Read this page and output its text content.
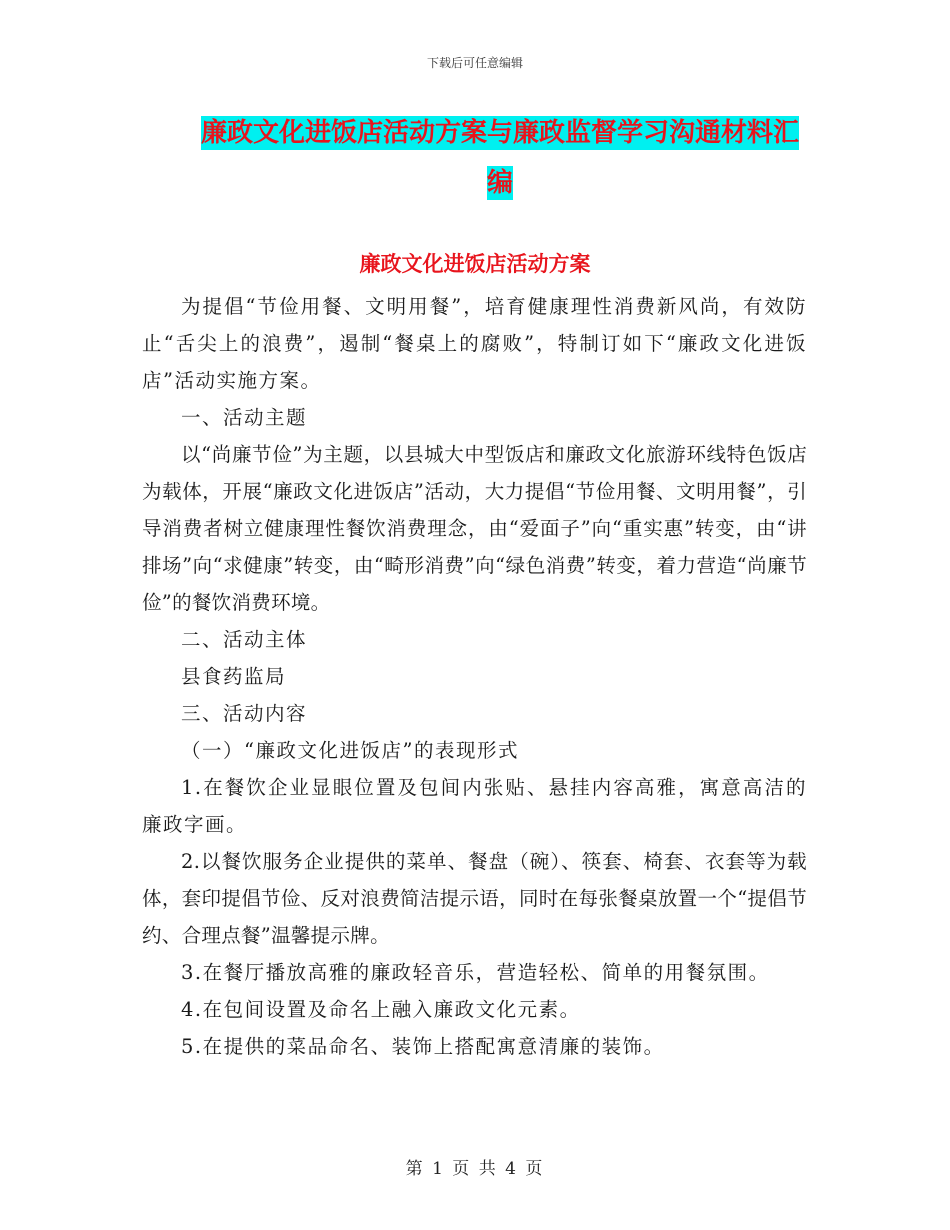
下载后可任意编辑
廉政文化进饭店活动方案与廉政监督学习沟通材料汇编
廉政文化进饭店活动方案

为提倡“节俭用餐、文明用餐”，培育健康理性消费新风尚，有效防止“舌尖上的浪费”，遏制“餐桌上的腐败”，特制订如下“廉政文化进饭店”活动实施方案。

一、活动主题

以“尚廉节俭”为主题，以县城大中型饭店和廉政文化旅游环线特色饭店为载体，开展“廉政文化进饭店”活动，大力提倡“节俭用餐、文明用餐”，引导消费者树立健康理性餐饮消费理念，由“爱面子”向“重实惠”转变，由“讲排场”向“求健康”转变，由“畸形消费”向“绿色消费”转变，着力营造“尚廉节俭”的餐饮消费环境。

二、活动主体

县食药监局

三、活动内容

（一）“廉政文化进饭店”的表现形式

1.在餐饮企业显眼位置及包间内张贴、悬挂内容高雅，寓意高洁的廉政字画。

2.以餐饮服务企业提供的菜单、餐盘（碗）、筷套、椅套、衣套等为载体，套印提倡节俭、反对浪费简洁提示语，同时在每张餐桌放置一个“提倡节约、合理点餐”温馨提示牌。

3.在餐厅播放高雅的廉政轻音乐，营造轻松、简单的用餐氛围。

4.在包间设置及命名上融入廉政文化元素。

5.在提供的菜品命名、装饰上搭配寓意清廉的装饰。

第 1 页 共 4 页
